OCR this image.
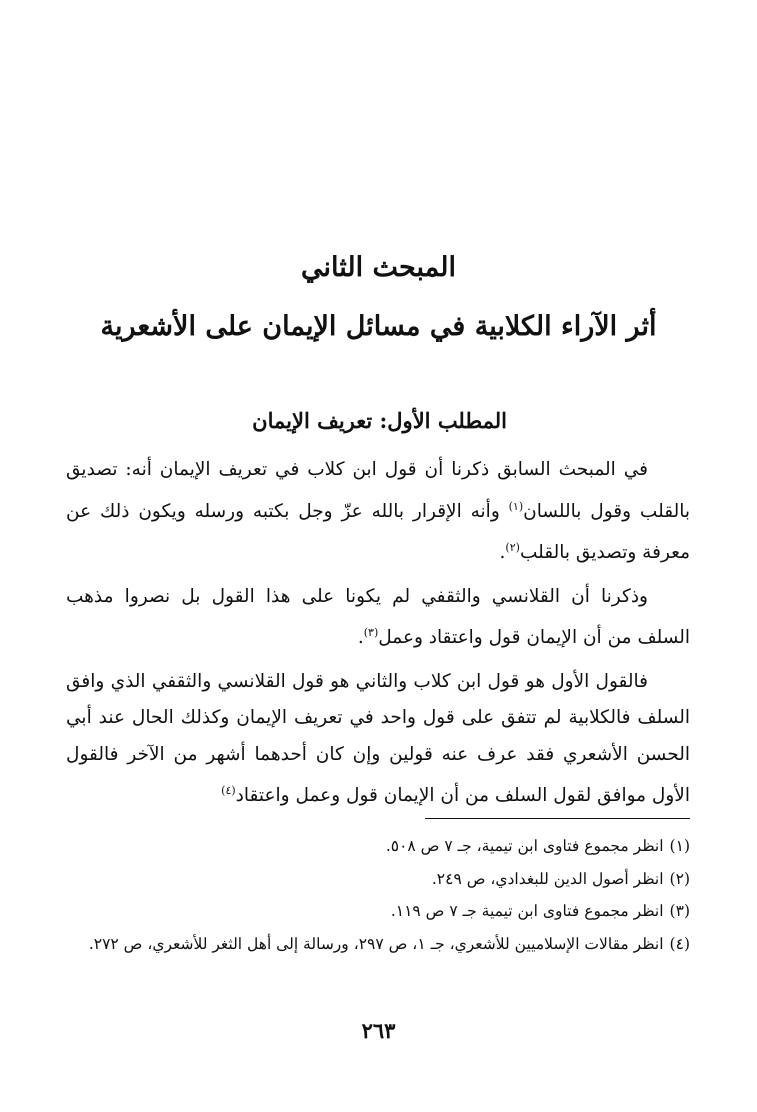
المبحث الثاني
أثر الآراء الكلابية في مسائل الإيمان على الأشعرية
المطلب الأول: تعريف الإيمان

في المبحث السابق ذكرنا أن قول ابن كلاب في تعريف الإيمان أنه: تصديق بالقلب وقول باللسان$^{(١)}$ وأنه الإقرار بالله عزّ وجل بكتبه ورسله ويكون ذلك عن معرفة وتصديق بالقلب$^{(٢)}$.

وذكرنا أن القلانسي والثقفي لم يكونا على هذا القول بل نصروا مذهب السلف من أن الإيمان قول واعتقاد وعمل$^{(٣)}$.

فالقول الأول هو قول ابن كلاب والثاني هو قول القلانسي والثقفي الذي وافق السلف فالكلابية لم تتفق على قول واحد في تعريف الإيمان وكذلك الحال عند أبي الحسن الأشعري فقد عرف عنه قولين وإن كان أحدهما أشهر من الآخر فالقول الأول موافق لقول السلف من أن الإيمان قول وعمل واعتقاد$^{(٤)}$

(١)انظر مجموع فتاوى ابن تيمية، جـ ٧ ص ٥٠٨.
(٢)انظر أصول الدين للبغدادي، ص ٢٤٩.
(٣)انظر مجموع فتاوى ابن تيمية جـ ٧ ص ١١٩.
(٤)انظر مقالات الإسلاميين للأشعري، جـ ١، ص ٢٩٧، ورسالة إلى أهل الثغر للأشعري، ص ٢٧٢.
٢٦٣
